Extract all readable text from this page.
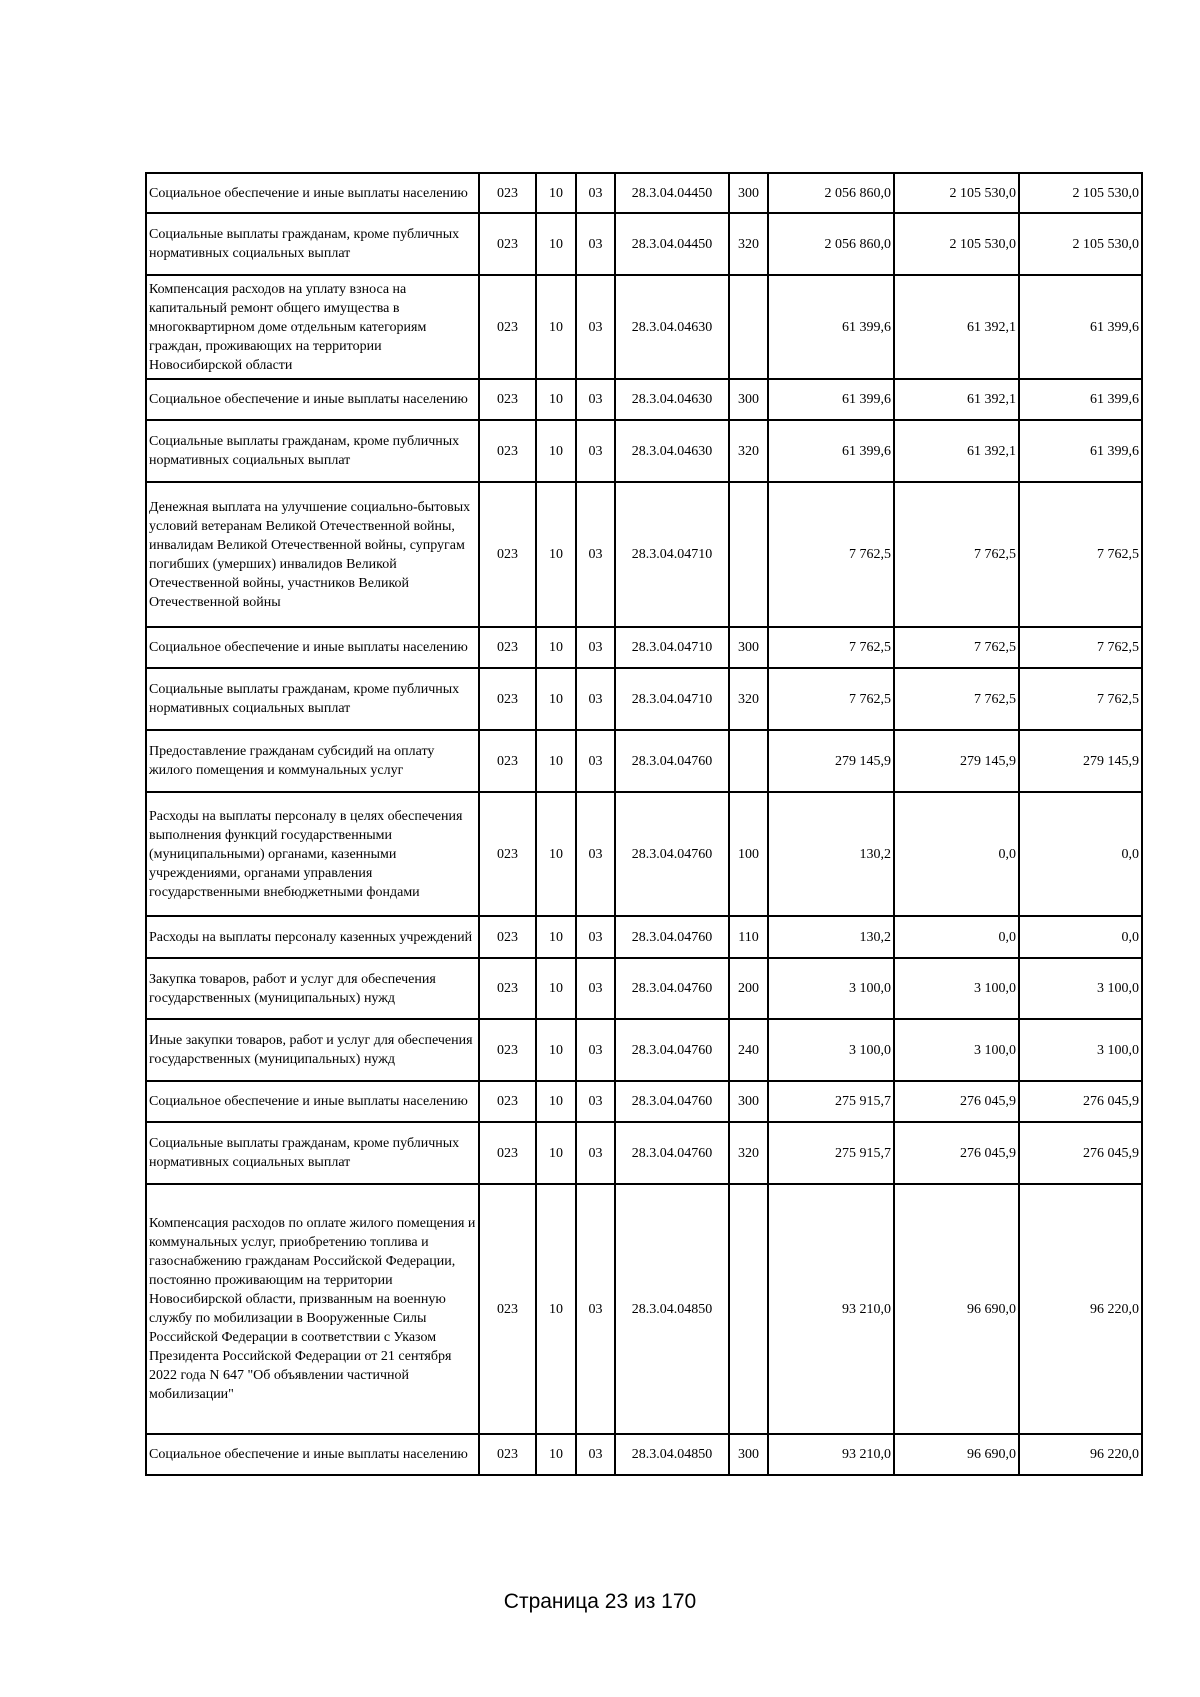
Социальное обеспечение и иные выплаты населению	023	10	03	28.3.04.04450	300	2 056 860,0	2 105 530,0	2 105 530,0
Социальные выплаты гражданам, кроме публичных нормативных социальных выплат	023	10	03	28.3.04.04450	320	2 056 860,0	2 105 530,0	2 105 530,0
Компенсация расходов на уплату взноса на капитальный ремонт общего имущества в многоквартирном доме отдельным категориям граждан, проживающих на территории Новосибирской области	023	10	03	28.3.04.04630		61 399,6	61 392,1	61 399,6
Социальное обеспечение и иные выплаты населению	023	10	03	28.3.04.04630	300	61 399,6	61 392,1	61 399,6
Социальные выплаты гражданам, кроме публичных нормативных социальных выплат	023	10	03	28.3.04.04630	320	61 399,6	61 392,1	61 399,6
Денежная выплата на улучшение социально-бытовых условий ветеранам Великой Отечественной войны, инвалидам Великой Отечественной войны, супругам погибших (умерших) инвалидов Великой Отечественной войны, участников Великой Отечественной войны	023	10	03	28.3.04.04710		7 762,5	7 762,5	7 762,5
Социальное обеспечение и иные выплаты населению	023	10	03	28.3.04.04710	300	7 762,5	7 762,5	7 762,5
Социальные выплаты гражданам, кроме публичных нормативных социальных выплат	023	10	03	28.3.04.04710	320	7 762,5	7 762,5	7 762,5
Предоставление гражданам субсидий на оплату жилого помещения и коммунальных услуг	023	10	03	28.3.04.04760		279 145,9	279 145,9	279 145,9
Расходы на выплаты персоналу в целях обеспечения выполнения функций государственными (муниципальными) органами, казенными учреждениями, органами управления государственными внебюджетными фондами	023	10	03	28.3.04.04760	100	130,2	0,0	0,0
Расходы на выплаты персоналу казенных учреждений	023	10	03	28.3.04.04760	110	130,2	0,0	0,0
Закупка товаров, работ и услуг для обеспечения государственных (муниципальных) нужд	023	10	03	28.3.04.04760	200	3 100,0	3 100,0	3 100,0
Иные закупки товаров, работ и услуг для обеспечения государственных (муниципальных) нужд	023	10	03	28.3.04.04760	240	3 100,0	3 100,0	3 100,0
Социальное обеспечение и иные выплаты населению	023	10	03	28.3.04.04760	300	275 915,7	276 045,9	276 045,9
Социальные выплаты гражданам, кроме публичных нормативных социальных выплат	023	10	03	28.3.04.04760	320	275 915,7	276 045,9	276 045,9
Компенсация расходов по оплате жилого помещения и коммунальных услуг, приобретению топлива и газоснабжению гражданам Российской Федерации, постоянно проживающим на территории Новосибирской области, призванным на военную службу по мобилизации в Вооруженные Силы Российской Федерации в соответствии с Указом Президента Российской Федерации от 21 сентября 2022 года N 647 "Об объявлении частичной мобилизации"	023	10	03	28.3.04.04850		93 210,0	96 690,0	96 220,0
Социальное обеспечение и иные выплаты населению	023	10	03	28.3.04.04850	300	93 210,0	96 690,0	96 220,0
Страница 23 из 170
